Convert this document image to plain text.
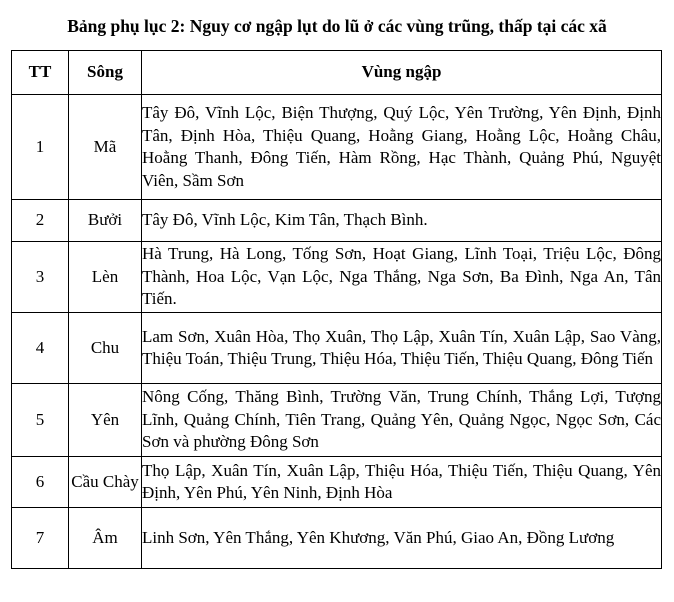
Bảng phụ lục 2: Nguy cơ ngập lụt do lũ ở các vùng trũng, thấp tại các xã
TT	Sông	Vùng ngập
1	Mã	Tây Đô, Vĩnh Lộc, Biện Thượng, Quý Lộc, Yên Trường, Yên Định, Định Tân, Định Hòa, Thiệu Quang, Hoằng Giang, Hoằng Lộc, Hoằng Châu, Hoằng Thanh, Đông Tiến, Hàm Rồng, Hạc Thành, Quảng Phú, Nguyệt Viên, Sầm Sơn
2	Bưởi	Tây Đô, Vĩnh Lộc, Kim Tân, Thạch Bình.
3	Lèn	Hà Trung, Hà Long, Tống Sơn, Hoạt Giang, Lĩnh Toại, Triệu Lộc, Đông Thành, Hoa Lộc, Vạn Lộc, Nga Thắng, Nga Sơn, Ba Đình, Nga An, Tân Tiến.
4	Chu	Lam Sơn, Xuân Hòa, Thọ Xuân, Thọ Lập, Xuân Tín, Xuân Lập, Sao Vàng, Thiệu Toán, Thiệu Trung, Thiệu Hóa, Thiệu Tiến, Thiệu Quang, Đông Tiến
5	Yên	Nông Cống, Thăng Bình, Trường Văn, Trung Chính, Thắng Lợi, Tượng Lĩnh, Quảng Chính, Tiên Trang, Quảng Yên, Quảng Ngọc, Ngọc Sơn, Các Sơn và phường Đông Sơn
6	Cầu Chày	Thọ Lập, Xuân Tín, Xuân Lập, Thiệu Hóa, Thiệu Tiến, Thiệu Quang, Yên Định, Yên Phú, Yên Ninh, Định Hòa
7	Âm	Linh Sơn, Yên Thắng, Yên Khương, Văn Phú, Giao An, Đồng Lương
